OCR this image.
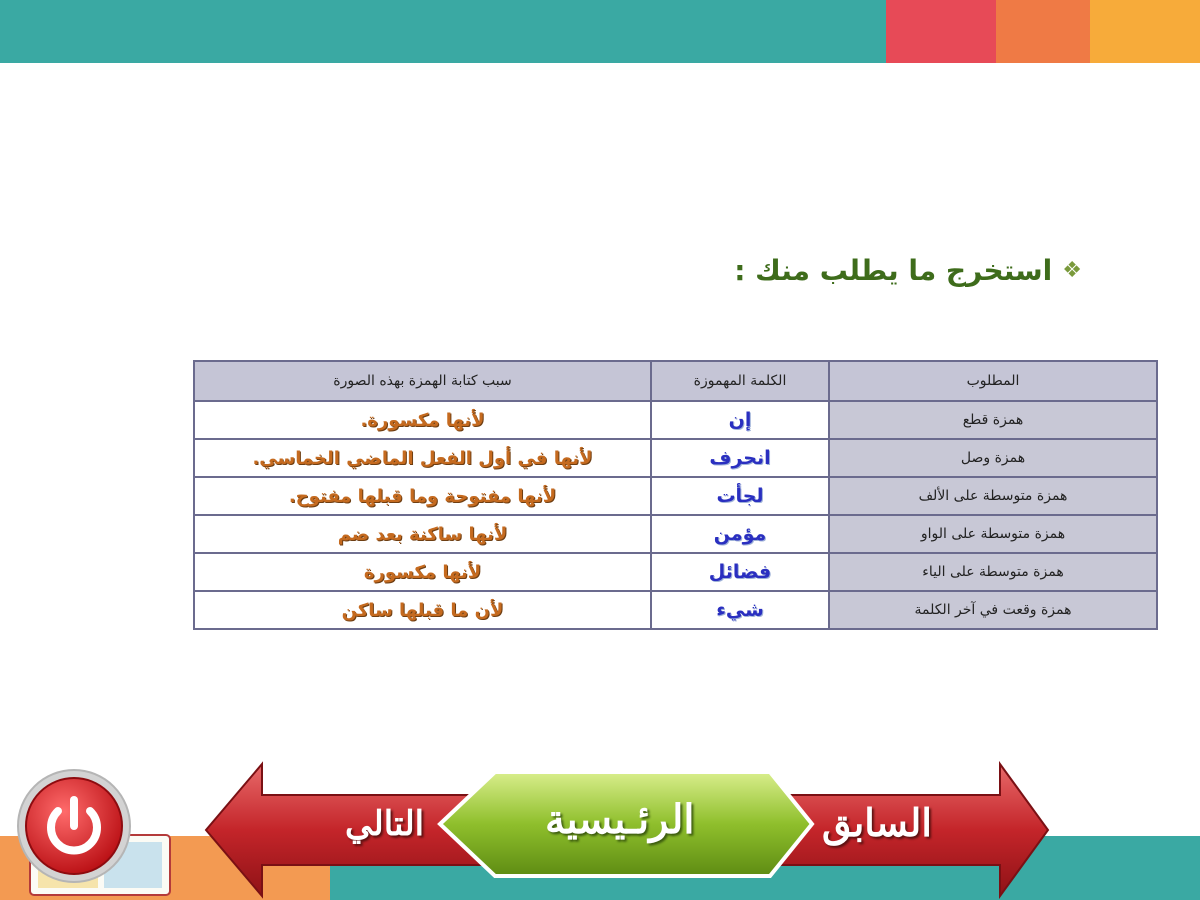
❖
استخرج ما يطلب منك :
المطلوب	الكلمة المهموزة	سبب كتابة الهمزة بهذه الصورة
همزة قطع	إن	لأنها مكسورة.
همزة وصل	انحرف	لأنها في أول الفعل الماضي الخماسي.
همزة متوسطة على الألف	لجأت	لأنها مفتوحة وما قبلها مفتوح.
همزة متوسطة على الواو	مؤمن	لأنها ساكنة بعد ضم
همزة متوسطة على الياء	فضائل	لأنها مكسورة
همزة وقعت في آخر الكلمة	شيء	لأن ما قبلها ساكن
السابق
التالي	الرئـيسية
